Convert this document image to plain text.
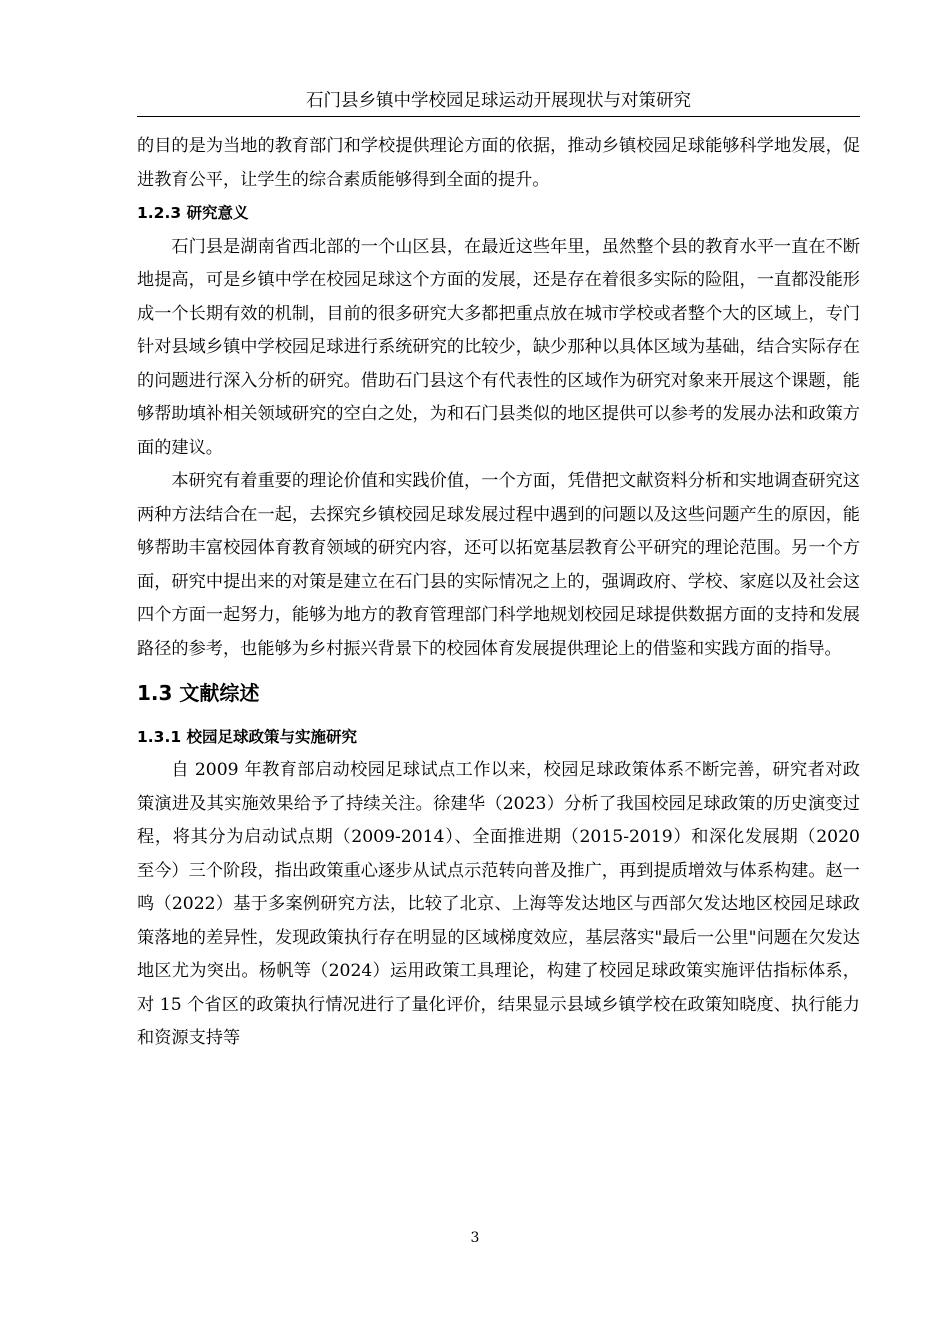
石门县乡镇中学校园足球运动开展现状与对策研究

的目的是为当地的教育部门和学校提供理论方面的依据，推动乡镇校园足球能够科学地发展，促进教育公平，让学生的综合素质能够得到全面的提升。

1.2.3 研究意义

石门县是湖南省西北部的一个山区县，在最近这些年里，虽然整个县的教育水平一直在不断地提高，可是乡镇中学在校园足球这个方面的发展，还是存在着很多实际的险阻，一直都没能形成一个长期有效的机制，目前的很多研究大多都把重点放在城市学校或者整个大的区域上，专门针对县域乡镇中学校园足球进行系统研究的比较少，缺少那种以具体区域为基础，结合实际存在的问题进行深入分析的研究。借助石门县这个有代表性的区域作为研究对象来开展这个课题，能够帮助填补相关领域研究的空白之处，为和石门县类似的地区提供可以参考的发展办法和政策方面的建议。

本研究有着重要的理论价值和实践价值，一个方面，凭借把文献资料分析和实地调查研究这两种方法结合在一起，去探究乡镇校园足球发展过程中遇到的问题以及这些问题产生的原因，能够帮助丰富校园体育教育领域的研究内容，还可以拓宽基层教育公平研究的理论范围。另一个方面，研究中提出来的对策是建立在石门县的实际情况之上的，强调政府、学校、家庭以及社会这四个方面一起努力，能够为地方的教育管理部门科学地规划校园足球提供数据方面的支持和发展路径的参考，也能够为乡村振兴背景下的校园体育发展提供理论上的借鉴和实践方面的指导。

1.3 文献综述
1.3.1 校园足球政策与实施研究

自 2009 年教育部启动校园足球试点工作以来，校园足球政策体系不断完善，研究者对政策演进及其实施效果给予了持续关注。徐建华（2023）分析了我国校园足球政策的历史演变过程，将其分为启动试点期（2009-2014）、全面推进期（2015-2019）和深化发展期（2020 至今）三个阶段，指出政策重心逐步从试点示范转向普及推广，再到提质增效与体系构建。赵一鸣（2022）基于多案例研究方法，比较了北京、上海等发达地区与西部欠发达地区校园足球政策落地的差异性，发现政策执行存在明显的区域梯度效应，基层落实"最后一公里"问题在欠发达地区尤为突出。杨帆等（2024）运用政策工具理论，构建了校园足球政策实施评估指标体系，对 15 个省区的政策执行情况进行了量化评价，结果显示县域乡镇学校在政策知晓度、执行能力和资源支持等

3
